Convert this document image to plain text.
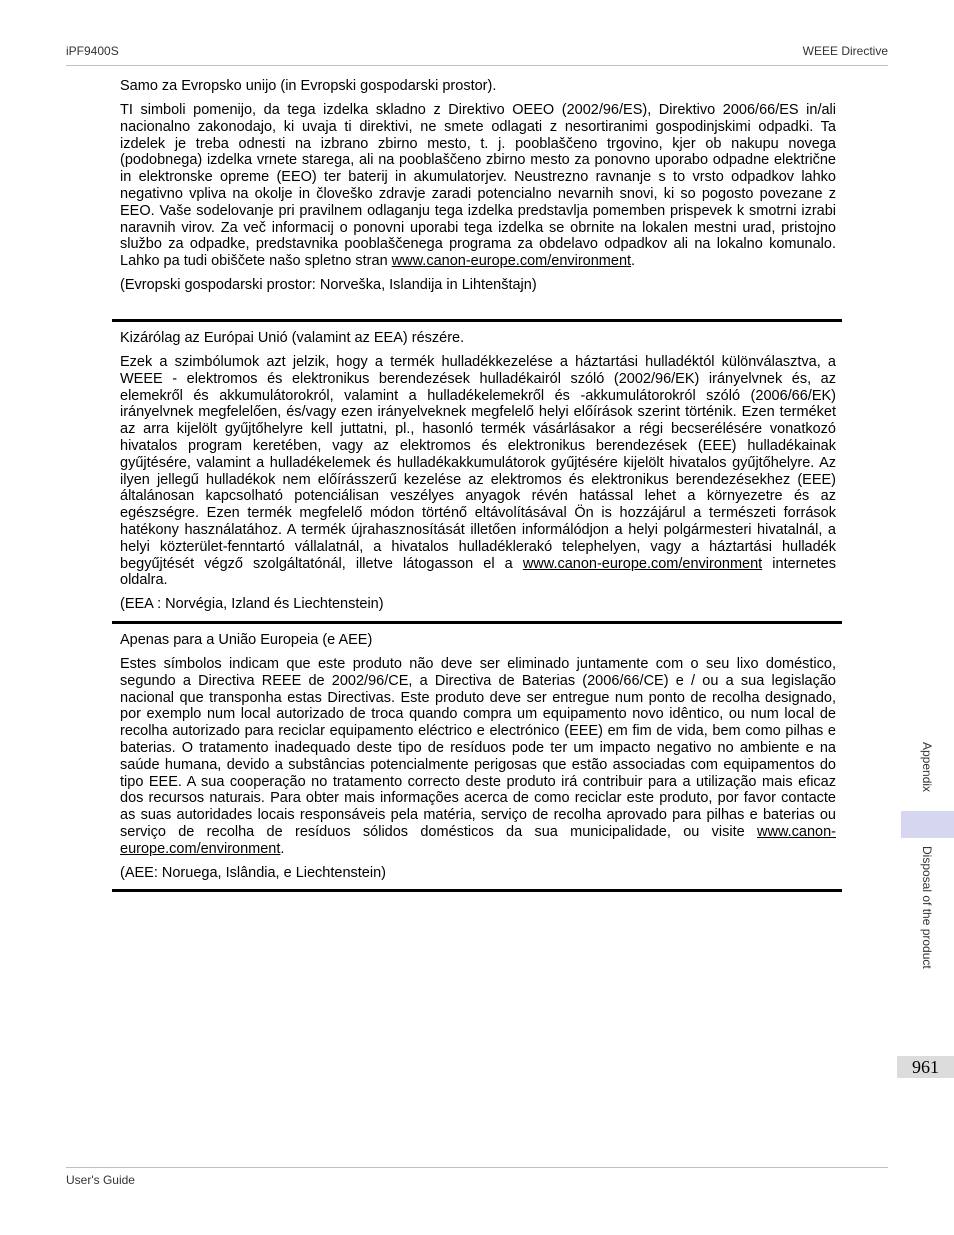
iPF9400S	WEEE Directive

Samo za Evropsko unijo (in Evropski gospodarski prostor).

TI simboli pomenijo, da tega izdelka skladno z Direktivo OEEO (2002/96/ES), Direktivo 2006/66/ES in/ali nacionalno zakonodajo, ki uvaja ti direktivi, ne smete odlagati z nesortiranimi gospodinjskimi odpadki. Ta izdelek je treba odnesti na izbrano zbirno mesto, t. j. pooblaščeno trgovino, kjer ob nakupu novega (podobnega) izdelka vrnete starega, ali na pooblaščeno zbirno mesto za ponovno uporabo odpadne električne in elektronske opreme (EEO) ter baterij in akumulatorjev. Neustrezno ravnanje s to vrsto odpadkov lahko negativno vpliva na okolje in človeško zdravje zaradi potencialno nevarnih snovi, ki so pogosto povezane z EEO. Vaše sodelovanje pri pravilnem odlaganju tega izdelka predstavlja pomemben prispevek k smotrni izrabi naravnih virov. Za več informacij o ponovni uporabi tega izdelka se obrnite na lokalen mestni urad, pristojno službo za odpadke, predstavnika pooblaščenega programa za obdelavo odpadkov ali na lokalno komunalo. Lahko pa tudi obiščete našo spletno stran www.canon-europe.com/environment.

(Evropski gospodarski prostor: Norveška, Islandija in Lihtenštajn)

Kizárólag az Európai Unió (valamint az EEA) részére.

Ezek a szimbólumok azt jelzik, hogy a termék hulladékkezelése a háztartási hulladéktól különválasztva, a WEEE - elektromos és elektronikus berendezések hulladékairól szóló (2002/96/EK) irányelvnek és, az elemekről és akkumulátorokról, valamint a hulladékelemekről és -akkumulátorokról szóló (2006/66/EK) irányelvnek megfelelően, és/vagy ezen irányelveknek megfelelő helyi előírások szerint történik. Ezen terméket az arra kijelölt gyűjtőhelyre kell juttatni, pl., hasonló termék vásárlásakor a régi becserélésére vonatkozó hivatalos program keretében, vagy az elektromos és elektronikus berendezések (EEE) hulladékainak gyűjtésére, valamint a hulladékelemek és hulladékakkumulátorok gyűjtésére kijelölt hivatalos gyűjtőhelyre. Az ilyen jellegű hulladékok nem előírásszerű kezelése az elektromos és elektronikus berendezésekhez (EEE) általánosan kapcsolható potenciálisan veszélyes anyagok révén hatással lehet a környezetre és az egészségre. Ezen termék megfelelő módon történő eltávolításával Ön is hozzájárul a természeti források hatékony használatához. A termék újrahasznosítását illetően informálódjon a helyi polgármesteri hivatalnál, a helyi közterület-fenntartó vállalatnál, a hivatalos hulladéklerakó telephelyen, vagy a háztartási hulladék begyűjtését végző szolgáltatónál, illetve látogasson el a www.canon-europe.com/environment internetes oldalra.

(EEA : Norvégia, Izland és Liechtenstein)

Apenas para a União Europeia (e AEE)

Estes símbolos indicam que este produto não deve ser eliminado juntamente com o seu lixo doméstico, segundo a Directiva REEE de 2002/96/CE, a Directiva de Baterias (2006/66/CE) e / ou a sua legislação nacional que transponha estas Directivas. Este produto deve ser entregue num ponto de recolha designado, por exemplo num local autorizado de troca quando compra um equipamento novo idêntico, ou num local de recolha autorizado para reciclar equipamento eléctrico e electrónico (EEE) em fim de vida, bem como pilhas e baterias. O tratamento inadequado deste tipo de resíduos pode ter um impacto negativo no ambiente e na saúde humana, devido a substâncias potencialmente perigosas que estão associadas com equipamentos do tipo EEE. A sua cooperação no tratamento correcto deste produto irá contribuir para a utilização mais eficaz dos recursos naturais. Para obter mais informações acerca de como reciclar este produto, por favor contacte as suas autoridades locais responsáveis pela matéria, serviço de recolha aprovado para pilhas e baterias ou serviço de recolha de resíduos sólidos domésticos da sua municipalidade, ou visite www.canon-europe.com/environment.

(AEE: Noruega, Islândia, e Liechtenstein)

Appendix
Disposal of the product
961
User's Guide
